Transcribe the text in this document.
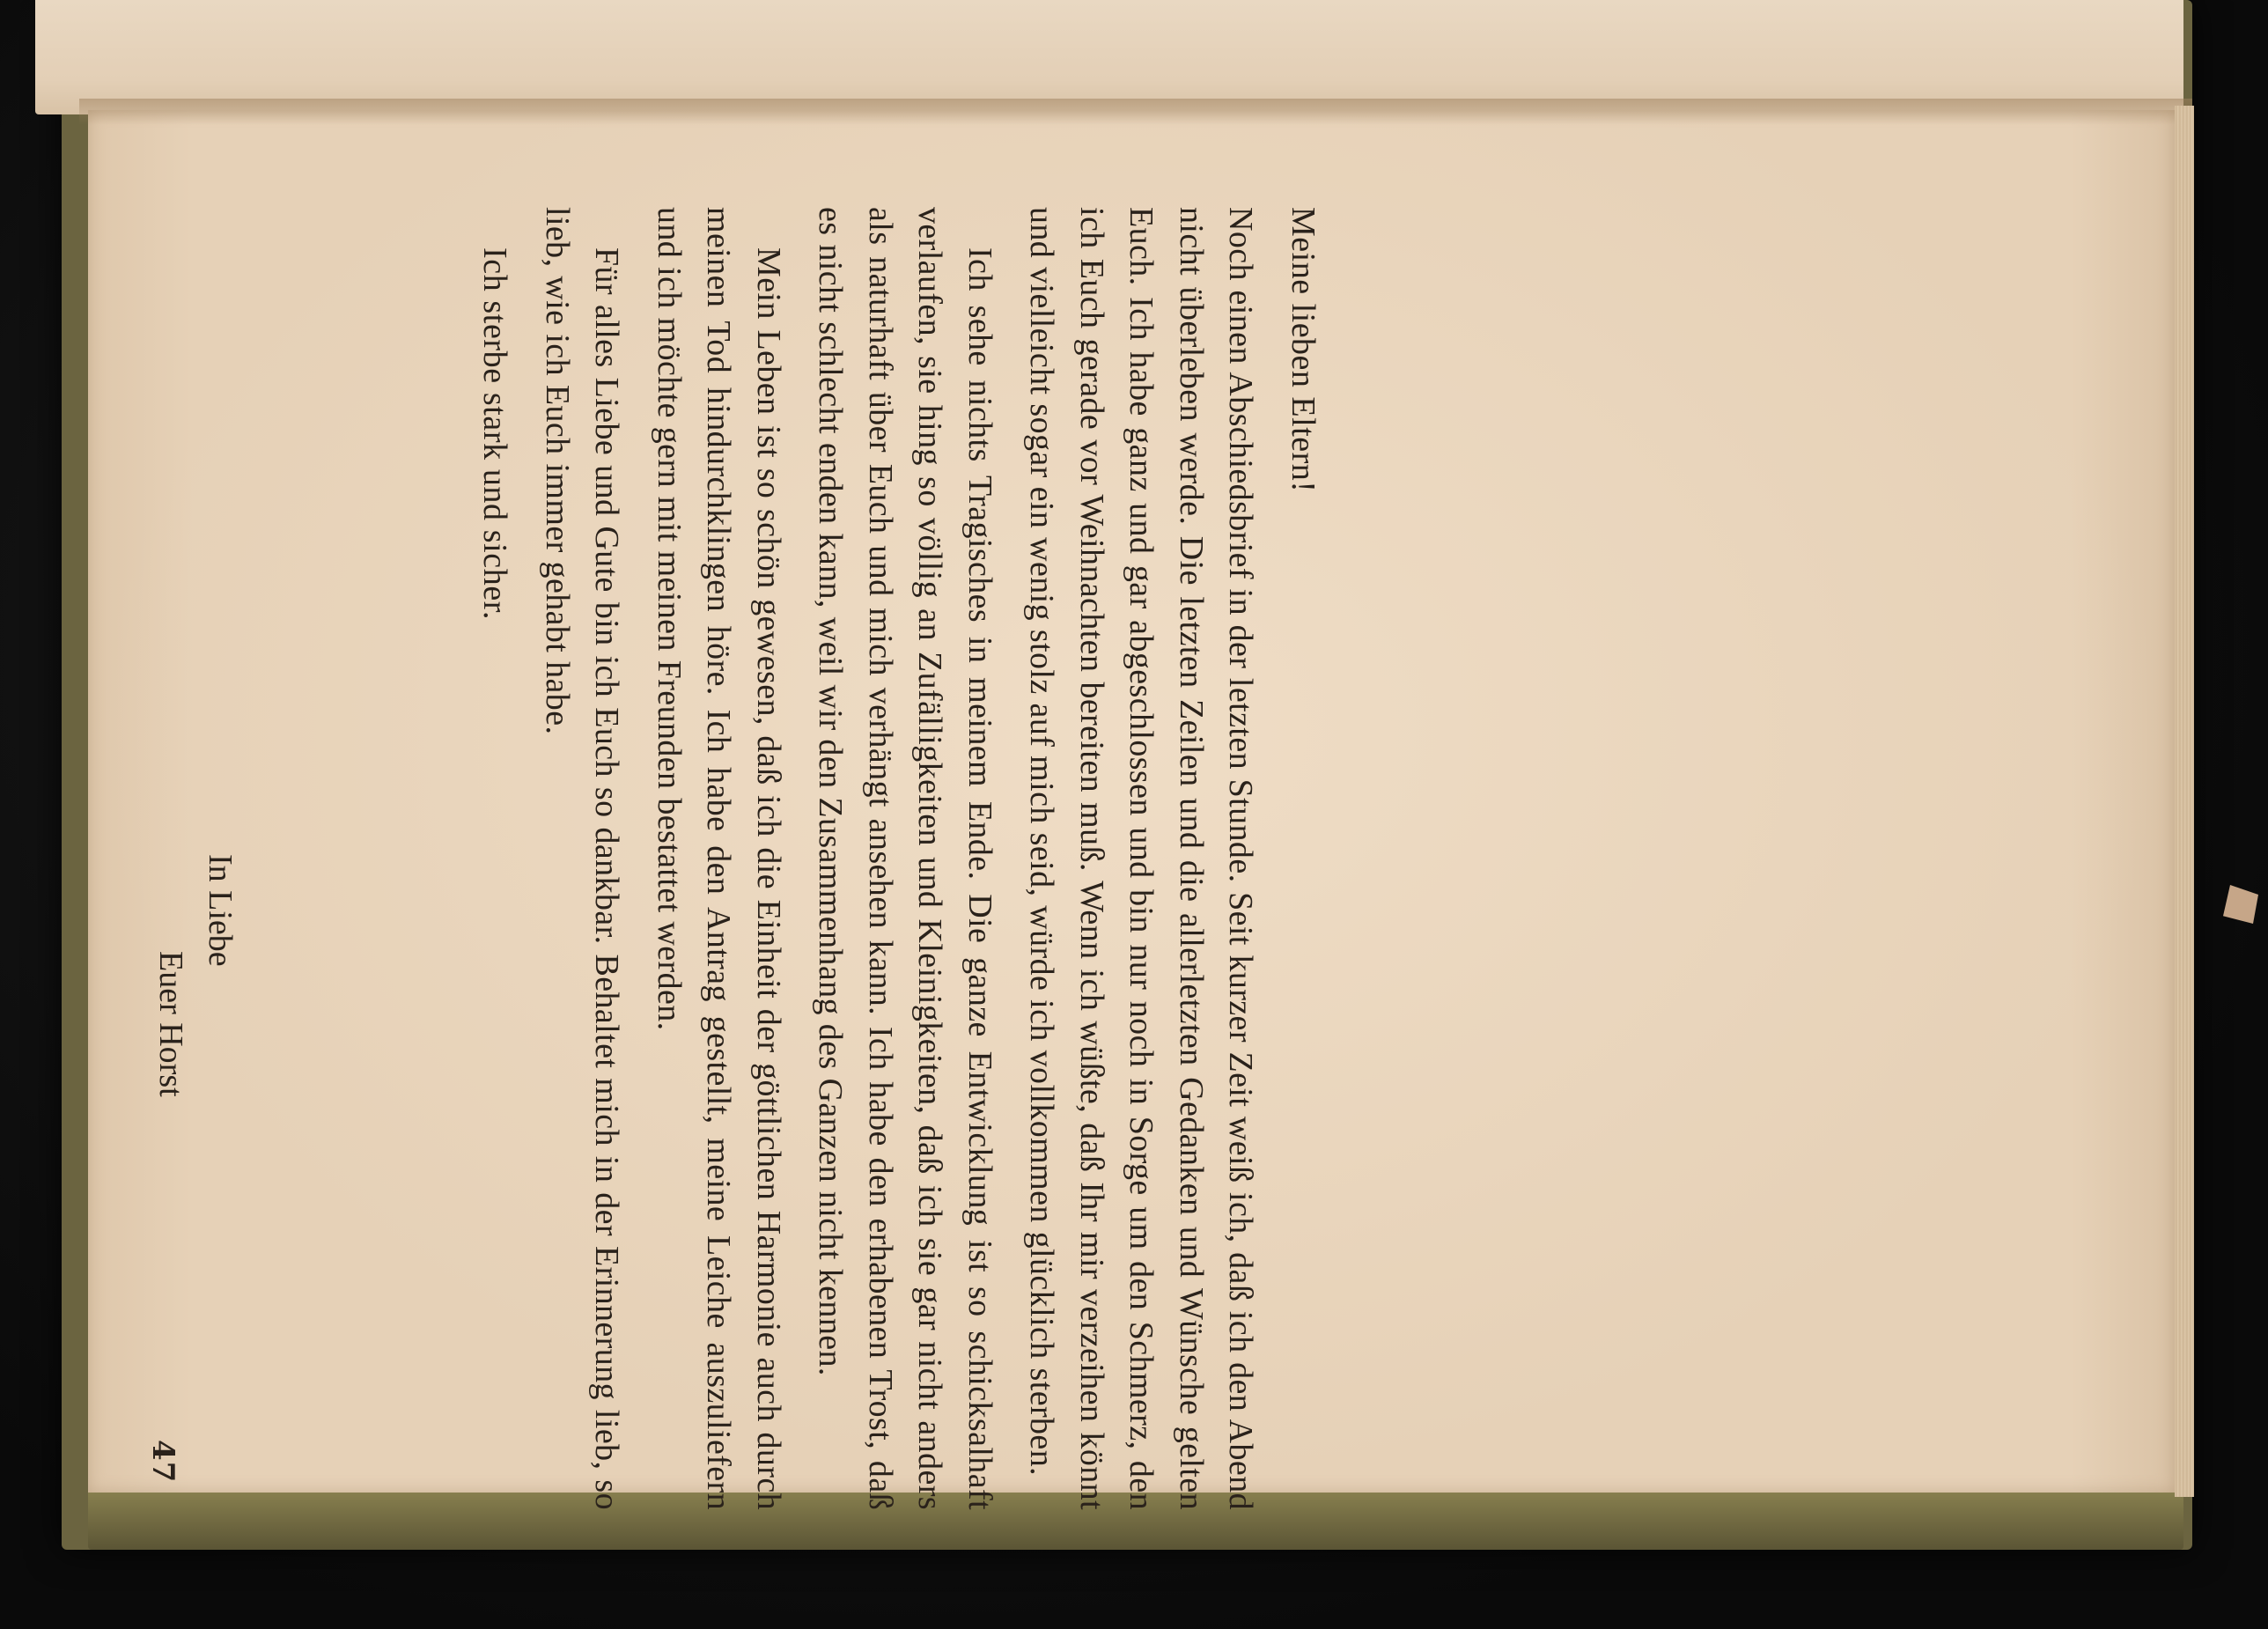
Meine lieben Eltern!

Noch einen Abschiedsbrief in der letzten Stunde. Seit kurzer Zeit weiß ich, daß ich den Abend nicht überleben werde. Die letzten Zeilen und die allerletzten Gedanken und Wünsche gelten Euch. Ich habe ganz und gar abgeschlossen und bin nur noch in Sorge um den Schmerz, den ich Euch gerade vor Weihnachten bereiten muß. Wenn ich wüßte, daß Ihr mir verzeihen könnt und vielleicht sogar ein wenig stolz auf mich seid, würde ich vollkommen glücklich sterben.

Ich sehe nichts Tragisches in meinem Ende. Die ganze Entwicklung ist so schicksalhaft verlaufen, sie hing so völlig an Zufälligkeiten und Kleinigkeiten, daß ich sie gar nicht anders als naturhaft über Euch und mich verhängt ansehen kann. Ich habe den erhabenen Trost, daß es nicht schlecht enden kann, weil wir den Zusammenhang des Ganzen nicht kennen.

Mein Leben ist so schön gewesen, daß ich die Einheit der göttlichen Harmonie auch durch meinen Tod hindurchklingen höre. Ich habe den Antrag gestellt, meine Leiche auszuliefern und ich möchte gern mit meinen Freunden bestattet werden.

Für alles Liebe und Gute bin ich Euch so dankbar. Behaltet mich in der Erinnerung lieb, so lieb, wie ich Euch immer gehabt habe.

Ich sterbe stark und sicher.

In Liebe
Euer Horst
47
